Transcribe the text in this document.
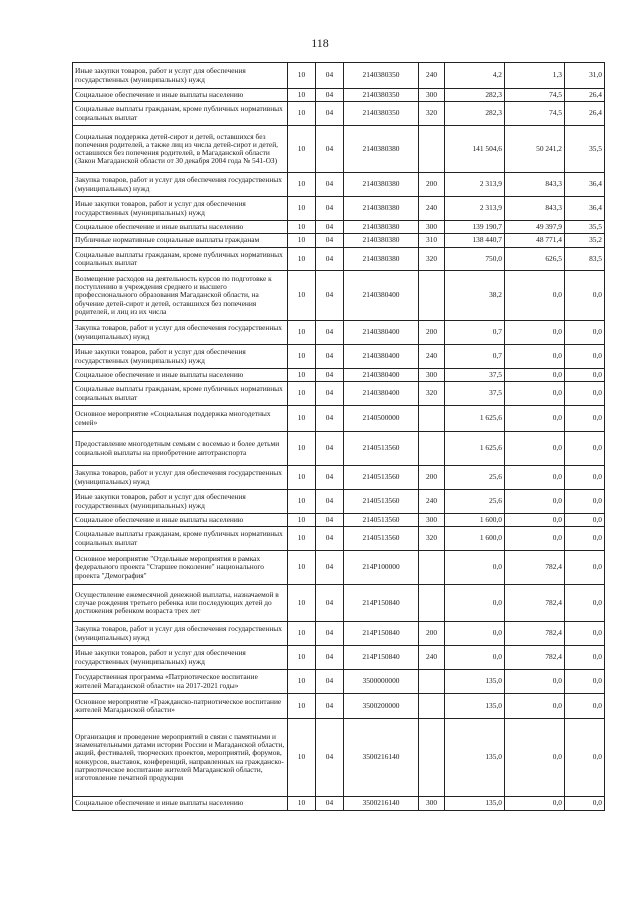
118
Иные закупки товаров, работ и услуг для обеспечения государственных (муниципальных) нужд	10	04	2140380350	240	4,2	1,3	31,0
Социальное обеспечение и иные выплаты населению	10	04	2140380350	300	282,3	74,5	26,4
Социальные выплаты гражданам, кроме публичных нормативных социальных выплат	10	04	2140380350	320	282,3	74,5	26,4
Социальная поддержка детей-сирот и детей, оставшихся без попечения родителей, а также лиц из числа детей-сирот и детей, оставшихся без попечения родителей, в Магаданской области (Закон Магаданской области от 30 декабря 2004 года № 541-ОЗ)	10	04	2140380380		141 504,6	50 241,2	35,5
Закупка товаров, работ и услуг для обеспечения государственных (муниципальных) нужд	10	04	2140380380	200	2 313,9	843,3	36,4
Иные закупки товаров, работ и услуг для обеспечения государственных (муниципальных) нужд	10	04	2140380380	240	2 313,9	843,3	36,4
Социальное обеспечение и иные выплаты населению	10	04	2140380380	300	139 190,7	49 397,9	35,5
Публичные нормативные социальные выплаты гражданам	10	04	2140380380	310	138 440,7	48 771,4	35,2
Социальные выплаты гражданам, кроме публичных нормативных социальных выплат	10	04	2140380380	320	750,0	626,5	83,5
Возмещение расходов на деятельность курсов по подготовке к поступлению в учреждения среднего и высшего профессионального образования Магаданской области, на обучение детей-сирот и детей, оставшихся без попечения родителей, и лиц из их числа	10	04	2140380400		38,2	0,0	0,0
Закупка товаров, работ и услуг для обеспечения государственных (муниципальных) нужд	10	04	2140380400	200	0,7	0,0	0,0
Иные закупки товаров, работ и услуг для обеспечения государственных (муниципальных) нужд	10	04	2140380400	240	0,7	0,0	0,0
Социальное обеспечение и иные выплаты населению	10	04	2140380400	300	37,5	0,0	0,0
Социальные выплаты гражданам, кроме публичных нормативных социальных выплат	10	04	2140380400	320	37,5	0,0	0,0
Основное мероприятие «Социальная поддержка многодетных семей»	10	04	2140500000		1 625,6	0,0	0,0
Предоставление многодетным семьям с восемью и более детьми социальной выплаты на приобретение автотранспорта	10	04	2140513560		1 625,6	0,0	0,0
Закупка товаров, работ и услуг для обеспечения государственных (муниципальных) нужд	10	04	2140513560	200	25,6	0,0	0,0
Иные закупки товаров, работ и услуг для обеспечения государственных (муниципальных) нужд	10	04	2140513560	240	25,6	0,0	0,0
Социальное обеспечение и иные выплаты населению	10	04	2140513560	300	1 600,0	0,0	0,0
Социальные выплаты гражданам, кроме публичных нормативных социальных выплат	10	04	2140513560	320	1 600,0	0,0	0,0
Основное мероприятие "Отдельные мероприятия в рамках федерального проекта "Старшее поколение" национального проекта "Демография"	10	04	214P100000		0,0	782,4	0,0
Осуществление ежемесячной денежной выплаты, назначаемой в случае рождения третьего ребенка или последующих детей до достижения ребенком возраста трех лет	10	04	214P150840		0,0	782,4	0,0
Закупка товаров, работ и услуг для обеспечения государственных (муниципальных) нужд	10	04	214P150840	200	0,0	782,4	0,0
Иные закупки товаров, работ и услуг для обеспечения государственных (муниципальных) нужд	10	04	214P150840	240	0,0	782,4	0,0
Государственная программа «Патриотическое воспитание жителей Магаданской области» на 2017-2021 годы»	10	04	3500000000		135,0	0,0	0,0
Основное мероприятие «Гражданско-патриотическое воспитание жителей Магаданской области»	10	04	3500200000		135,0	0,0	0,0
Организация и проведение мероприятий в связи с памятными и знаменательными датами истории России и Магаданской области, акций, фестивалей, творческих проектов, мероприятий, форумов, конкурсов, выставок, конференций, направленных на гражданско-патриотическое воспитание жителей Магаданской области, изготовление печатной продукции	10	04	3500216140		135,0	0,0	0,0
Социальное обеспечение и иные выплаты населению	10	04	3500216140	300	135,0	0,0	0,0
